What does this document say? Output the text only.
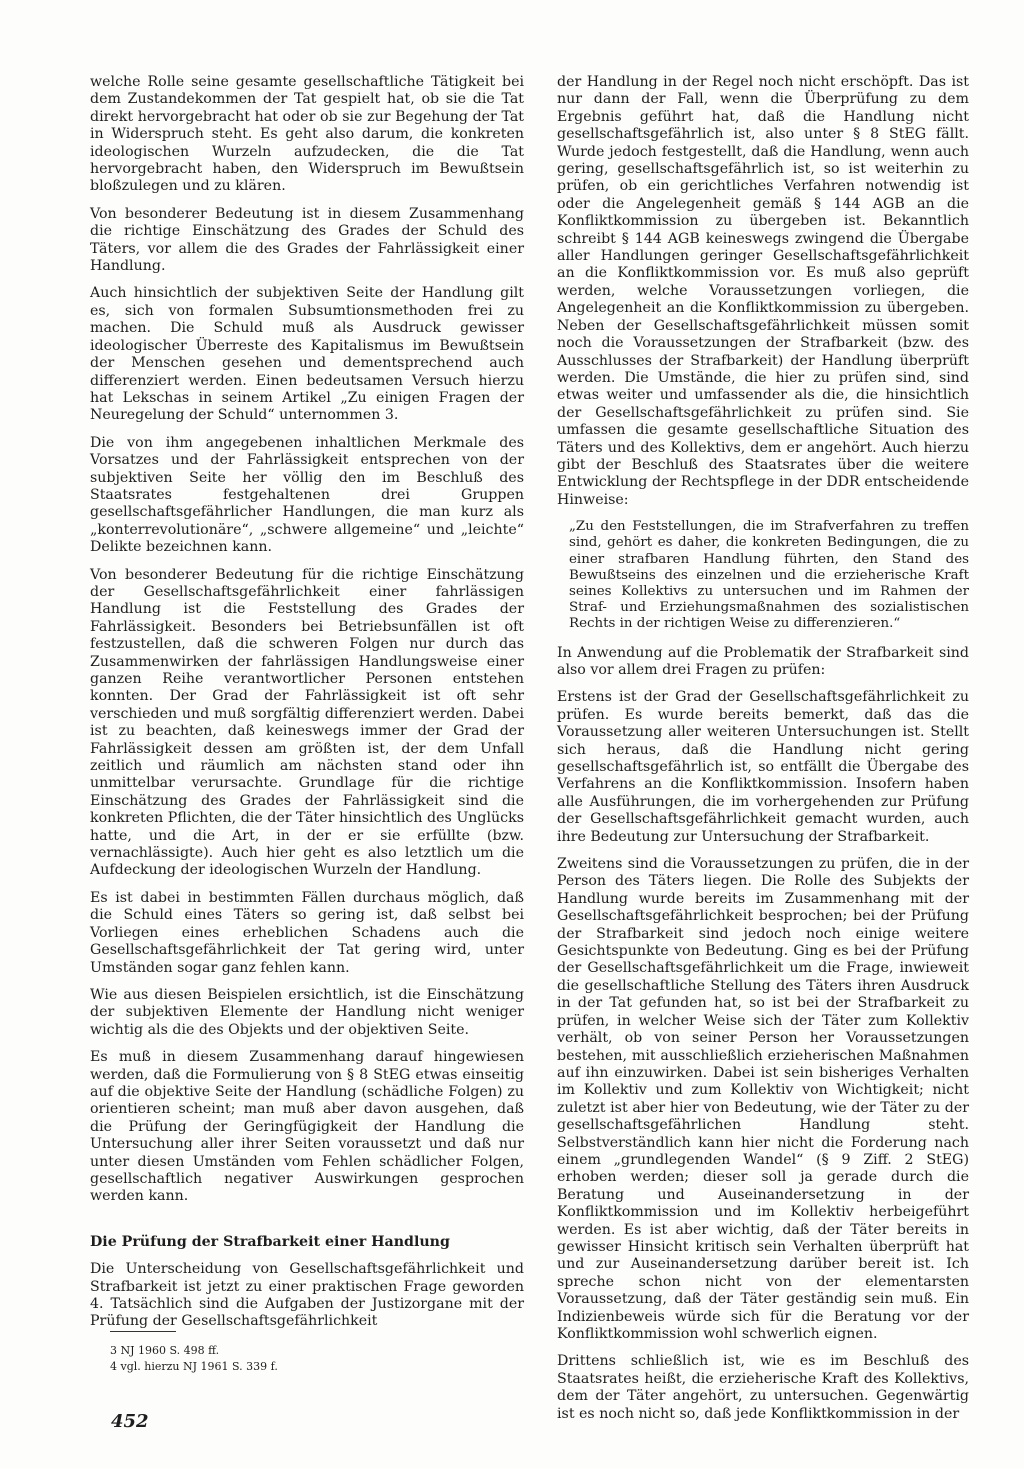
welche Rolle seine gesamte gesellschaftliche Tätigkeit bei dem Zustandekommen der Tat gespielt hat, ob sie die Tat direkt hervorgebracht hat oder ob sie zur Begehung der Tat in Widerspruch steht. Es geht also darum, die konkreten ideologischen Wurzeln aufzudecken, die die Tat hervorgebracht haben, den Widerspruch im Bewußtsein bloßzulegen und zu klären.

Von besonderer Bedeutung ist in diesem Zusammenhang die richtige Einschätzung des Grades der Schuld des Täters, vor allem die des Grades der Fahrlässigkeit einer Handlung.

Auch hinsichtlich der subjektiven Seite der Handlung gilt es, sich von formalen Subsumtionsmethoden frei zu machen. Die Schuld muß als Ausdruck gewisser ideologischer Überreste des Kapitalismus im Bewußtsein der Menschen gesehen und dementsprechend auch differenziert werden. Einen bedeutsamen Versuch hierzu hat Lekschas in seinem Artikel „Zu einigen Fragen der Neuregelung der Schuld“ unternommen 3.

Die von ihm angegebenen inhaltlichen Merkmale des Vorsatzes und der Fahrlässigkeit entsprechen von der subjektiven Seite her völlig den im Beschluß des Staatsrates festgehaltenen drei Gruppen gesellschaftsgefährlicher Handlungen, die man kurz als „konterrevolutionäre“, „schwere allgemeine“ und „leichte“ Delikte bezeichnen kann.

Von besonderer Bedeutung für die richtige Einschätzung der Gesellschaftsgefährlichkeit einer fahrlässigen Handlung ist die Feststellung des Grades der Fahrlässigkeit. Besonders bei Betriebsunfällen ist oft festzustellen, daß die schweren Folgen nur durch das Zusammenwirken der fahrlässigen Handlungsweise einer ganzen Reihe verantwortlicher Personen entstehen konnten. Der Grad der Fahrlässigkeit ist oft sehr verschieden und muß sorgfältig differenziert werden. Dabei ist zu beachten, daß keineswegs immer der Grad der Fahrlässigkeit dessen am größten ist, der dem Unfall zeitlich und räumlich am nächsten stand oder ihn unmittelbar verursachte. Grundlage für die richtige Einschätzung des Grades der Fahrlässigkeit sind die konkreten Pflichten, die der Täter hinsichtlich des Unglücks hatte, und die Art, in der er sie erfüllte (bzw. vernachlässigte). Auch hier geht es also letztlich um die Aufdeckung der ideologischen Wurzeln der Handlung.

Es ist dabei in bestimmten Fällen durchaus möglich, daß die Schuld eines Täters so gering ist, daß selbst bei Vorliegen eines erheblichen Schadens auch die Gesellschaftsgefährlichkeit der Tat gering wird, unter Umständen sogar ganz fehlen kann.

Wie aus diesen Beispielen ersichtlich, ist die Einschätzung der subjektiven Elemente der Handlung nicht weniger wichtig als die des Objekts und der objektiven Seite.

Es muß in diesem Zusammenhang darauf hingewiesen werden, daß die Formulierung von § 8 StEG etwas einseitig auf die objektive Seite der Handlung (schädliche Folgen) zu orientieren scheint; man muß aber davon ausgehen, daß die Prüfung der Geringfügigkeit der Handlung die Untersuchung aller ihrer Seiten voraussetzt und daß nur unter diesen Umständen vom Fehlen schädlicher Folgen, gesellschaftlich negativer Auswirkungen gesprochen werden kann.

Die Prüfung der Strafbarkeit einer Handlung

Die Unterscheidung von Gesellschaftsgefährlichkeit und Strafbarkeit ist jetzt zu einer praktischen Frage geworden 4. Tatsächlich sind die Aufgaben der Justizorgane mit der Prüfung der Gesellschaftsgefährlichkeit

der Handlung in der Regel noch nicht erschöpft. Das ist nur dann der Fall, wenn die Überprüfung zu dem Ergebnis geführt hat, daß die Handlung nicht gesellschaftsgefährlich ist, also unter § 8 StEG fällt. Wurde jedoch festgestellt, daß die Handlung, wenn auch gering, gesellschaftsgefährlich ist, so ist weiterhin zu prüfen, ob ein gerichtliches Verfahren notwendig ist oder die Angelegenheit gemäß § 144 AGB an die Konfliktkommission zu übergeben ist. Bekanntlich schreibt § 144 AGB keineswegs zwingend die Übergabe aller Handlungen geringer Gesellschaftsgefährlichkeit an die Konfliktkommission vor. Es muß also geprüft werden, welche Voraussetzungen vorliegen, die Angelegenheit an die Konfliktkommission zu übergeben. Neben der Gesellschaftsgefährlichkeit müssen somit noch die Voraussetzungen der Strafbarkeit (bzw. des Ausschlusses der Strafbarkeit) der Handlung überprüft werden. Die Umstände, die hier zu prüfen sind, sind etwas weiter und umfassender als die, die hinsichtlich der Gesellschaftsgefährlichkeit zu prüfen sind. Sie umfassen die gesamte gesellschaftliche Situation des Täters und des Kollektivs, dem er angehört. Auch hierzu gibt der Beschluß des Staatsrates über die weitere Entwicklung der Rechtspflege in der DDR entscheidende Hinweise:

„Zu den Feststellungen, die im Strafverfahren zu treffen sind, gehört es daher, die konkreten Bedingungen, die zu einer strafbaren Handlung führten, den Stand des Bewußtseins des einzelnen und die erzieherische Kraft seines Kollektivs zu untersuchen und im Rahmen der Straf- und Erziehungsmaßnahmen des sozialistischen Rechts in der richtigen Weise zu differenzieren.“

In Anwendung auf die Problematik der Strafbarkeit sind also vor allem drei Fragen zu prüfen:

Erstens ist der Grad der Gesellschaftsgefährlichkeit zu prüfen. Es wurde bereits bemerkt, daß das die Voraussetzung aller weiteren Untersuchungen ist. Stellt sich heraus, daß die Handlung nicht gering gesellschaftsgefährlich ist, so entfällt die Übergabe des Verfahrens an die Konfliktkommission. Insofern haben alle Ausführungen, die im vorhergehenden zur Prüfung der Gesellschaftsgefährlichkeit gemacht wurden, auch ihre Bedeutung zur Untersuchung der Strafbarkeit.

Zweitens sind die Voraussetzungen zu prüfen, die in der Person des Täters liegen. Die Rolle des Subjekts der Handlung wurde bereits im Zusammenhang mit der Gesellschaftsgefährlichkeit besprochen; bei der Prüfung der Strafbarkeit sind jedoch noch einige weitere Gesichtspunkte von Bedeutung. Ging es bei der Prüfung der Gesellschaftsgefährlichkeit um die Frage, inwieweit die gesellschaftliche Stellung des Täters ihren Ausdruck in der Tat gefunden hat, so ist bei der Strafbarkeit zu prüfen, in welcher Weise sich der Täter zum Kollektiv verhält, ob von seiner Person her Voraussetzungen bestehen, mit ausschließlich erzieherischen Maßnahmen auf ihn einzuwirken. Dabei ist sein bisheriges Verhalten im Kollektiv und zum Kollektiv von Wichtigkeit; nicht zuletzt ist aber hier von Bedeutung, wie der Täter zu der gesellschaftsgefährlichen Handlung steht. Selbstverständlich kann hier nicht die Forderung nach einem „grundlegenden Wandel“ (§ 9 Ziff. 2 StEG) erhoben werden; dieser soll ja gerade durch die Beratung und Auseinandersetzung in der Konfliktkommission und im Kollektiv herbeigeführt werden. Es ist aber wichtig, daß der Täter bereits in gewisser Hinsicht kritisch sein Verhalten überprüft hat und zur Auseinandersetzung darüber bereit ist. Ich spreche schon nicht von der elementarsten Voraussetzung, daß der Täter geständig sein muß. Ein Indizienbeweis würde sich für die Beratung vor der Konfliktkommission wohl schwerlich eignen.

Drittens schließlich ist, wie es im Beschluß des Staatsrates heißt, die erzieherische Kraft des Kollektivs, dem der Täter angehört, zu untersuchen. Gegenwärtig ist es noch nicht so, daß jede Konfliktkommission in der

3 NJ 1960 S. 498 ff.
4 vgl. hierzu NJ 1961 S. 339 f.
452
